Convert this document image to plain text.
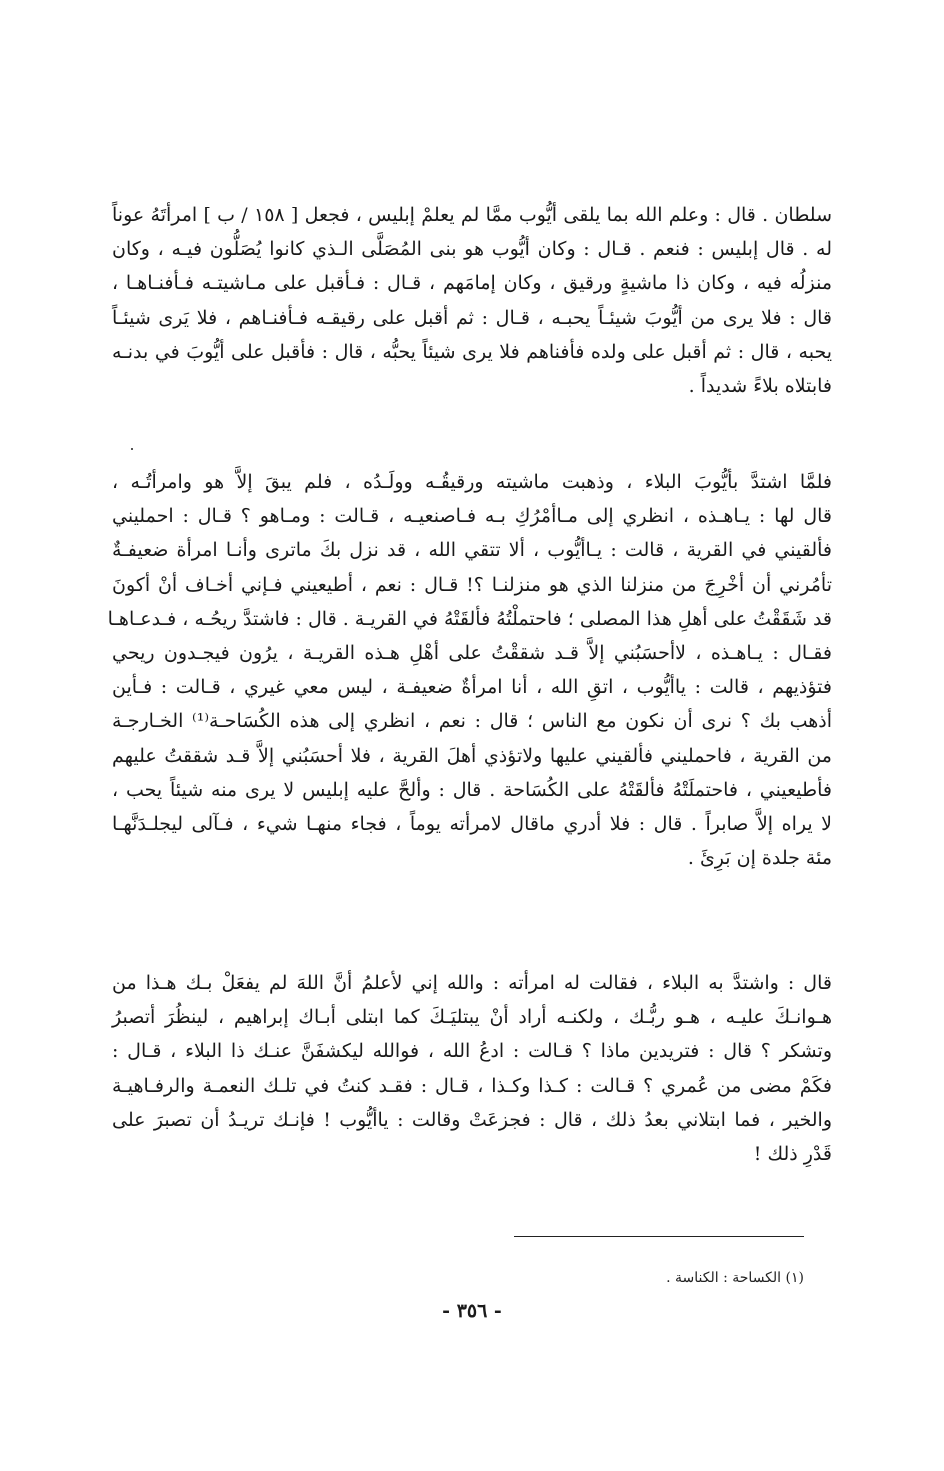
سلطان . قال : وعلم الله بما يلقى أيُّوب ممَّا لم يعلمْ إبليس ، فجعل [ ١٥٨ / ب ] امرأتَهُ عوناً
له . قال إبليس : فنعم . قـال : وكان أيُّوب هو بنى المُصَلَّى الـذي كانوا يُصَلُّون فيـه ، وكان
منزلُه فيه ، وكان ذا ماشيةٍ ورقيق ، وكان إمامَهم ، قـال : فـأقبل على مـاشيتـه فـأفنـاهـا ،
قال : فلا يرى من أيُّوبَ شيئـاً يحبـه ، قـال : ثم أقبل على رقيقـه فـأفنـاهم ، فلا يَرى شيئـاً
يحبه ، قال : ثم أقبل على ولده فأفناهم فلا يرى شيئاً يحبُّه ، قال : فأقبل على أيُّوبَ في بدنـه
فابتلاه بلاءً شديداً .

فلمَّا اشتدَّ بأيُّوبَ البلاء ، وذهبت ماشيته ورقيقُـه وولَـدُه ، فلم يبقَ إلاَّ هو وامرأتُـه ،
قال لها : يـاهـذه ، انظري إلى مـاأمْرُكِ بـه فـاصنعيـه ، قـالت : ومـاهو ؟ قـال : احمليني
فألقيني في القرية ، قالت : يـاأيُّوب ، ألا تتقي الله ، قد نزل بكَ ماترى وأنـا امرأة ضعيفـةٌ
تأمُرني أن أخْرِجَ من منزلنا الذي هو منزلنـا ؟! قـال : نعم ، أطيعيني فـإني أخـاف أنْ أكونَ
قد شَقَقْتُ على أهلِ هذا المصلى ؛ فاحتملْتُهُ فألقَتْهُ في القريـة . قال : فاشتدَّ ريحُـه ، فـدعـاهـا
فقـال : يـاهـذه ، لاأحسَبُني إلاَّ قـد شققْتُ على أهْلِ هـذه القريـة ، يرُون فيجـدون ريحي
فتؤذيهم ، قالت : ياأيُّوب ، اتقِ الله ، أنا امرأةٌ ضعيفـة ، ليس معي غيري ، قـالت : فـأين
أذهب بك ؟ نرى أن نكون مع الناس ؛ قال : نعم ، انظري إلى هذه الكُسَاحـة⁽¹⁾ الخـارجـة
من القرية ، فاحمليني فألقيني عليها ولاتؤذي أهلَ القرية ، فلا أحسَبُني إلاَّ قـد شققتُ عليهم
فأطيعيني ، فاحتملَتْهُ فألقَتْهُ على الكُسَاحة . قال : وألحَّ عليه إبليس لا يرى منه شيئاً يحب ،
لا يراه إلاَّ صابراً . قال : فلا أدري ماقال لامرأته يوماً ، فجاء منهـا شيء ، فـآلى ليجلـدَنَّهـا
مئة جلدة إن بَرِئَ .

قال : واشتدَّ به البلاء ، فقالت له امرأته : والله إني لأعلمُ أنَّ اللهَ لم يفعَلْ بـك هـذا من
هـوانـكَ عليـه ، هـو ربُّـك ، ولكنـه أراد أنْ يبتليَـكَ كما ابتلى أبـاك إبراهيم ، لينظُرَ أتصبرُ
وتشكر ؟ قال : فتريدين ماذا ؟ قـالت : ادعُ الله ، فوالله ليكشفَنَّ عنـك ذا البلاء ، قـال :
فكَمْ مضى من عُمري ؟ قـالت : كـذا وكـذا ، قـال : فقـد كنتُ في تلـك النعمـة والرفـاهيـة
والخير ، فما ابتلاني بعدُ ذلك ، قال : فجزعَتْ وقالت : ياأيُّوب ! فإنـك تريـدُ أن تصبرَ على
قَدْرِ ذلك !

(١) الكساحة : الكناسة .
- ٣٥٦ -
